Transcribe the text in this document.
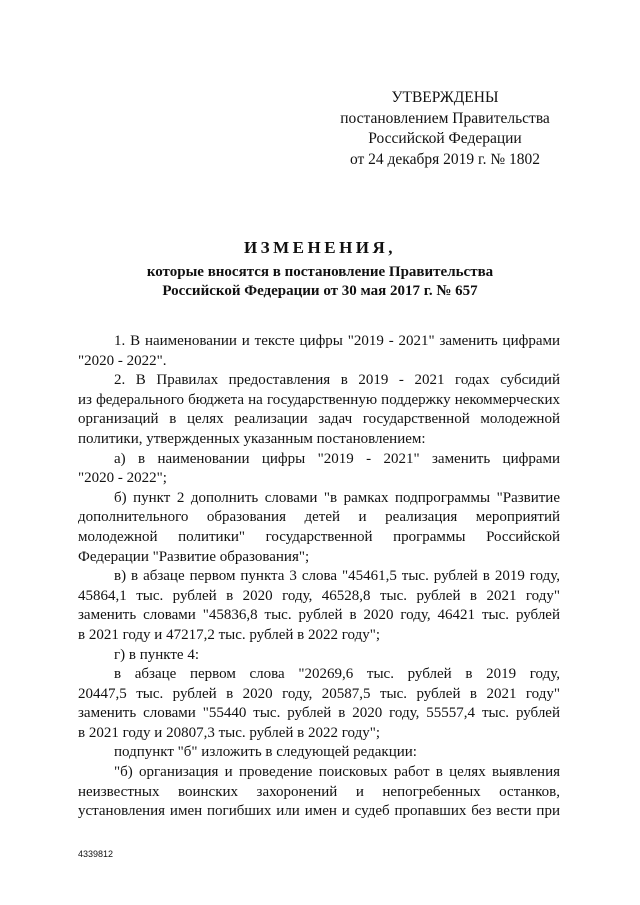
УТВЕРЖДЕНЫ
постановлением Правительства
Российской Федерации
от 24 декабря 2019 г. № 1802
ИЗМЕНЕНИЯ,
которые вносятся в постановление Правительства
Российской Федерации от 30 мая 2017 г. № 657

1. В наименовании и тексте цифры "2019 - 2021" заменить цифрами

"2020 - 2022".

2. В Правилах предоставления в 2019 - 2021 годах субсидий

из федерального бюджета на государственную поддержку некоммерческих

организаций в целях реализации задач государственной молодежной

политики, утвержденных указанным постановлением:

а) в наименовании цифры "2019 - 2021" заменить цифрами

"2020 - 2022";

б) пункт 2 дополнить словами "в рамках подпрограммы "Развитие

дополнительного образования детей и реализация мероприятий

молодежной политики" государственной программы Российской

Федерации "Развитие образования";

в) в абзаце первом пункта 3 слова "45461,5 тыс. рублей в 2019 году,

45864,1 тыс. рублей в 2020 году, 46528,8 тыс. рублей в 2021 году"

заменить словами "45836,8 тыс. рублей в 2020 году, 46421 тыс. рублей

в 2021 году и 47217,2 тыс. рублей в 2022 году";

г) в пункте 4:

в абзаце первом слова "20269,6 тыс. рублей в 2019 году,

20447,5 тыс. рублей в 2020 году, 20587,5 тыс. рублей в 2021 году"

заменить словами "55440 тыс. рублей в 2020 году, 55557,4 тыс. рублей

в 2021 году и 20807,3 тыс. рублей в 2022 году";

подпункт "б" изложить в следующей редакции:

"б) организация и проведение поисковых работ в целях выявления

неизвестных воинских захоронений и непогребенных останков,

установления имен погибших или имен и судеб пропавших без вести при

4339812
